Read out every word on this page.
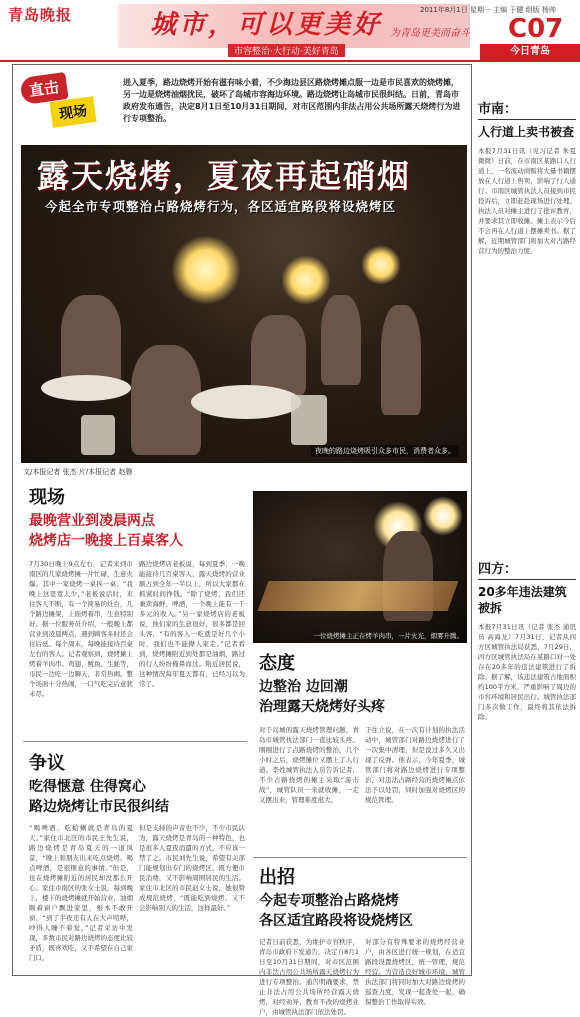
青岛晚报	城市，可以更美好 为青岛更美而奋斗
市容整治·大行动·美好青岛
2011年8月1日 星期一 主编 于健 组版 杨帅
C07
今日青岛
直击
现场
进入夏季，路边烧烤开始有滋有味小着，不少海边县区路烧烤摊点服一边是市民喜欢的烧烤摊，另一边是烧烤油烟扰民，破坏了岛城市容海边环境。路边烧烤让岛城市民很纠结。日前，青岛市政府发布通告，决定8月1日至10月31日期间，对市区范围内非法占用公共场所露天烧烤行为进行专项整治。
露天烧烤，夏夜再起硝烟
今起全市专项整治占路烧烤行为，各区适宜路段将设烧烤区
夜晚的路边烧烤吸引众多市民，消费者众多。
文/本报记者 张杰 片/本报记者 赵磐
现场
最晚营业到凌晨两点
烧烤店一晚接上百桌客人
7月30日晚上9点左右，记者来到市南区的几家烧烤摊一片忙碌，生意火爆。其中一家烧烤一桌挨一桌；“我晚上这里宽人少，”老板说话时，来往客人不断，有一个简易的灶台，几个路边摊架，上面烤着串，生意特别好。据一位服务员介绍，一般晚上都营业到凌晨两点，遇到顾客多时还会往后延。每个周末，每晚能接待百桌左右的客人。记者观察到，烧烤摊上烤着羊肉串、鸡翅、鱿鱼、生蚝等，市民一边吃一边聊天，非常热闹。整个场面十分热闹，一口气吃完后意犹未尽。
路边烧烤店老板说，每到夏季，一晚能接待几百桌客人，露天烧烤的营业额占到全年一半以上，所以大家都在抓紧时间挣钱。“除了烧烤，我们还兼卖海鲜、啤酒，一个晚上能有一千多元的收入。”另一家烧烤店的老板说，他们家的生意很好，很多都是回头客，“有的客人一吃就是好几个小时，我们也不能撵人家走。”记者看到，烧烤摊附近到处都是油烟，路过的行人纷纷掩鼻而过。附近居民说，这种情况每年夏天都有，已经习以为常了。
一位烧烤摊主正在烤羊肉串，一片火光，烟雾升腾。
争议
吃得惬意 住得窝心
路边烧烤让市民很纠结
“喝啤酒、吃蛤蜊就是青岛的夏天。”家住市北区的市民王先生说，路边烧烤是青岛夏天的一道风景，“晚上和朋友出来吃点烧烤、喝点啤酒，是很惬意的事情。”但是，住在烧烤摊附近的居民却没那么开心。家住市南区的张女士说，每到晚上，楼下的烧烤摊就开始营业，油烟顺着窗户飘进家里，根本不敢开窗，“到了半夜还有人在大声喧哗，吵得人睡不着觉。”记者采访中发现，多数市民对路边烧烤的态度比较矛盾，既喜欢吃，又不希望在自己家门口。
但是支持的声音也不少，不少市民认为，露天烧烤是青岛的一种特色，也是很多人夏夜消遣的方式，不应该一禁了之。市民刘先生说，希望有关部门能规划出专门的烧烤区，既方便市民消费，又不影响周围居民的生活。家住市北区的市民赵女士说，她很赞成规范烧烤，“既能吃到烧烤，又不会影响别人的生活，这样最好。”
态度
边整治 边回潮
治理露天烧烤好头疼
对于岛城的露天烧烤管理问题，青岛市城管执法部门一直比较头疼。刚刚进行了点路烧烤的整治，几个小时之后，烧烤摊位又摆上了人行道。李姓城管执法人员告诉记者，不少占路烧烤的摊主采取“游击战”，城管队员一来就收摊，一走又摆出来，管理难度很大。
于往立说，在一次有计划的执法活动中，城管部门对路边烧烤进行了一次集中清理，但是没过多久又出现了反弹。他表示，今年夏季，城管部门将对路边烧烤进行专项整治，对违法占路经营的烧烤摊点依法予以处罚，同时加强对烧烤区的规范管理。
出招
今起专项整治占路烧烤
各区适宜路段将设烧烤区
记者日前获悉，为维护市容秩序，青岛市政府下发通告，决定自8月1日至10月31日期间，对市区范围内非法占用公共场所露天烧烤行为进行专项整治。通告明确要求，禁止非法占用公共场所经营露天烧烤，对经劝导、教育不改的烧烤业户，由城管执法部门依法处罚。
对部分有特殊要求的烧烤经营业户，由各区进行统一规划，在适宜路段设置烧烤区，统一管理、规范经营。为营造良好城市环境，城管执法部门将同时加大对路边烧烤的巡查力度，发现一起查处一起，确保整治工作取得实效。
市南：
人行道上卖书被查
本报7月31日讯（见习记者 朱夏微微）日前，在市南区某路口人行道上，一名流动商贩将大量书籍摆放在人行道上售卖，影响了行人通行。市南区城管执法人员接到市民投诉后，立即赶赴现场进行处理。执法人员对摊主进行了批评教育，并要求其立即收摊。摊主表示今后不会再在人行道上摆摊卖书。据了解，近期城管部门将加大对占路经营行为的整治力度。
四方：
20多年违法建筑被拆
本报7月31日讯（记者 张杰 通讯员 高海龙）7月31日，记者从四方区城管执法局获悉，7月29日，四方区城管执法局在某路口对一处存在20多年的违法建筑进行了拆除。据了解，该违法建筑占地面积约100平方米，严重影响了周边的市容环境和居民出行。城管执法部门多次做工作，最终将其依法拆除。
